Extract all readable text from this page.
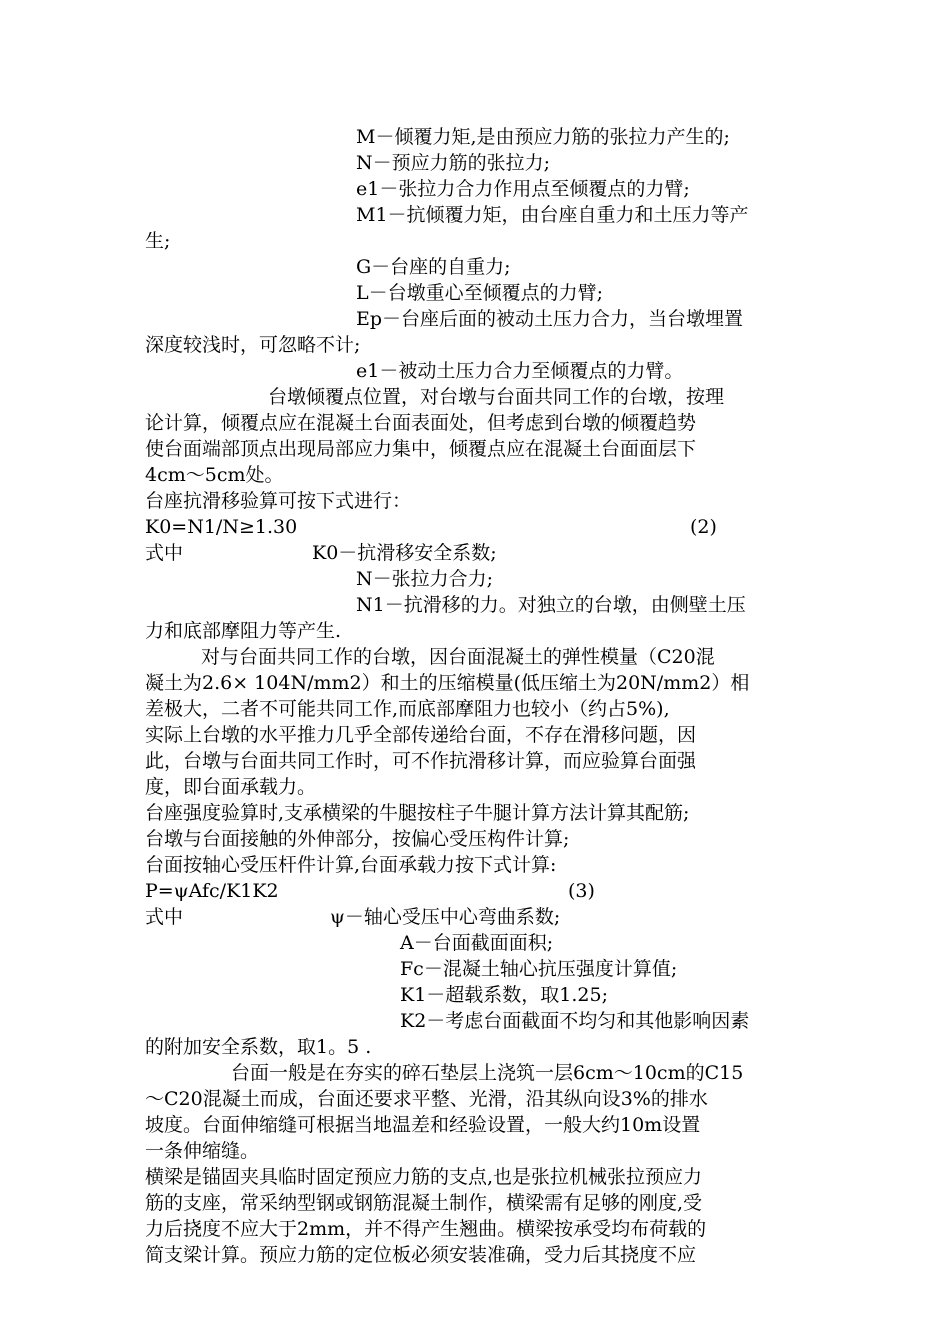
M－倾覆力矩,是由预应力筋的张拉力产生的;
N－预应力筋的张拉力;
e1－张拉力合力作用点至倾覆点的力臂;
M1－抗倾覆力矩，由台座自重力和土压力等产
生;
G－台座的自重力;
L－台墩重心至倾覆点的力臂;
Ep－台座后面的被动土压力合力，当台墩埋置
深度较浅时，可忽略不计;
e1－被动土压力合力至倾覆点的力臂。
台墩倾覆点位置，对台墩与台面共同工作的台墩，按理
论计算，倾覆点应在混凝土台面表面处，但考虑到台墩的倾覆趋势
使台面端部顶点出现局部应力集中，倾覆点应在混凝土台面面层下
4cm～5cm处。
台座抗滑移验算可按下式进行：
K0=N1/N≥1.30	(2)
式中	K0－抗滑移安全系数;
N－张拉力合力;
N1－抗滑移的力。对独立的台墩，由侧壁土压
力和底部摩阻力等产生.
对与台面共同工作的台墩，因台面混凝土的弹性模量（C20混
凝土为2.6× 104N/mm2）和土的压缩模量(低压缩土为20N/mm2）相
差极大，二者不可能共同工作,而底部摩阻力也较小（约占5%),
实际上台墩的水平推力几乎全部传递给台面，不存在滑移问题，因
此，台墩与台面共同工作时，可不作抗滑移计算，而应验算台面强
度，即台面承载力。
台座强度验算时,支承横梁的牛腿按柱子牛腿计算方法计算其配筋;
台墩与台面接触的外伸部分，按偏心受压构件计算;
台面按轴心受压杆件计算,台面承载力按下式计算:
P=ψAfc/K1K2	(3)
式中	ψ－轴心受压中心弯曲系数;
A－台面截面面积;
Fc－混凝土轴心抗压强度计算值;
K1－超载系数，取1.25;
K2－考虑台面截面不均匀和其他影响因素
的附加安全系数，取1。5 .
台面一般是在夯实的碎石垫层上浇筑一层6cm～10cm的C15
～C20混凝土而成，台面还要求平整、光滑，沿其纵向设3%的排水
坡度。台面伸缩缝可根据当地温差和经验设置，一般大约10m设置
一条伸缩缝。
横梁是锚固夹具临时固定预应力筋的支点,也是张拉机械张拉预应力
筋的支座，常采纳型钢或钢筋混凝土制作，横梁需有足够的刚度,受
力后挠度不应大于2mm，并不得产生翘曲。横梁按承受均布荷载的
简支梁计算。预应力筋的定位板必须安装准确，受力后其挠度不应
